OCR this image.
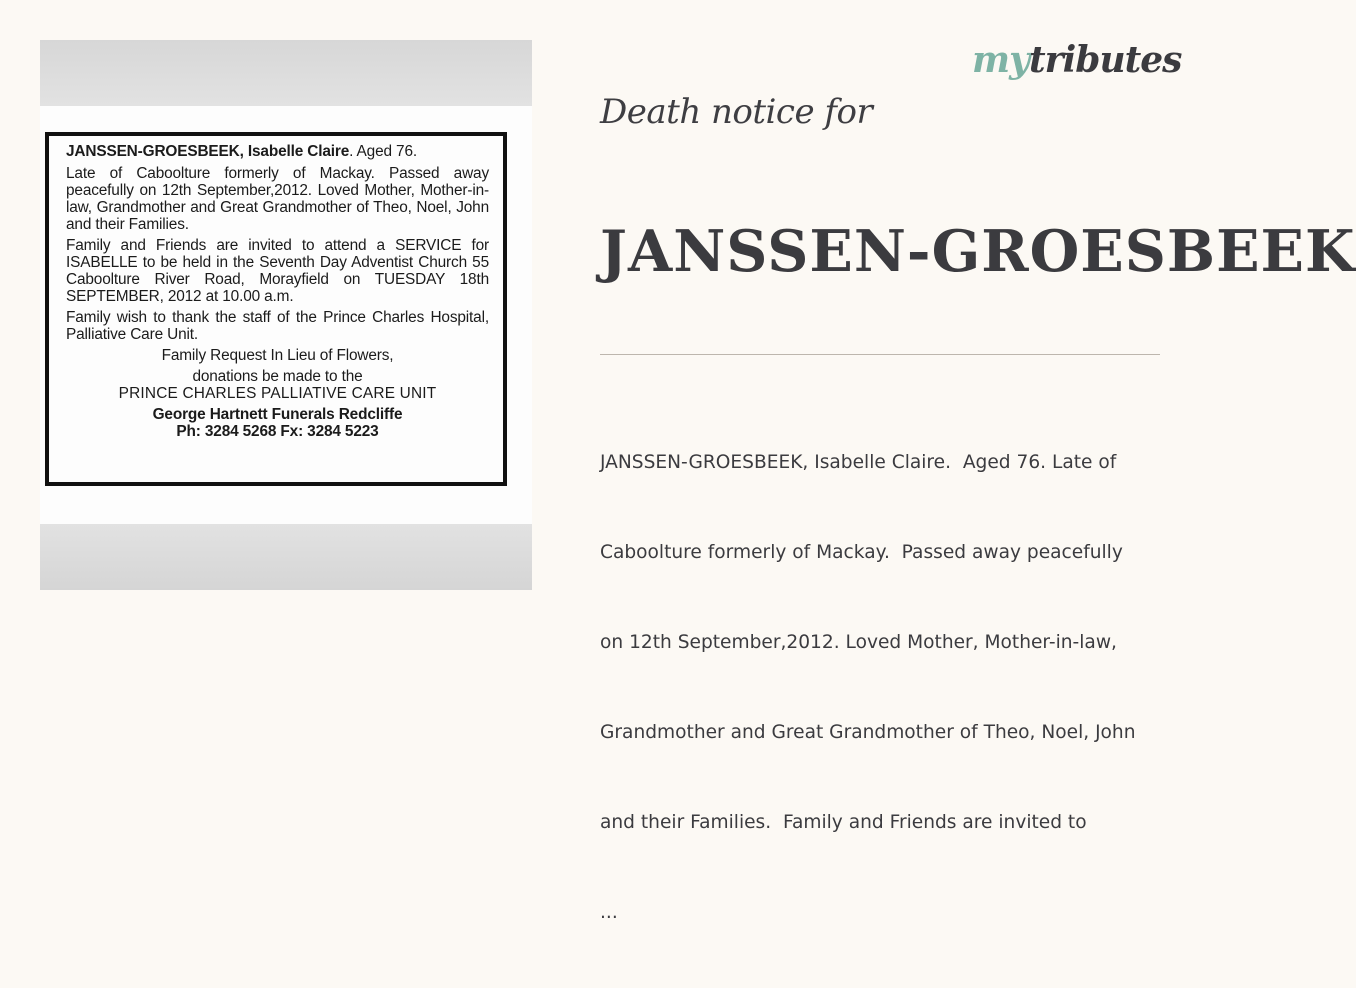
JANSSEN-GROESBEEK, Isabelle Claire. Aged 76.

Late of Caboolture formerly of Mackay. Passed away peacefully on 12th September,2012. Loved Mother, Mother-in-law, Grandmother and Great Grandmother of Theo, Noel, John and their Families.

Family and Friends are invited to attend a SERVICE for ISABELLE to be held in the Seventh Day Adventist Church 55 Caboolture River Road, Morayfield on TUESDAY 18th SEPTEMBER, 2012 at 10.00 a.m.

Family wish to thank the staff of the Prince Charles Hospital, Palliative Care Unit.

Family Request In Lieu of Flowers,

donations be made to the

PRINCE CHARLES PALLIATIVE CARE UNIT

George Hartnett Funerals Redcliffe

Ph: 3284 5268 Fx: 3284 5223

mytributes
Death notice for
JANSSEN-GROESBEEK

JANSSEN-GROESBEEK, Isabelle Claire.  Aged 76. Late of

Caboolture formerly of Mackay.  Passed away peacefully

on 12th September,2012. Loved Mother, Mother-in-law,

Grandmother and Great Grandmother of Theo, Noel, John

and their Families.  Family and Friends are invited to

...
